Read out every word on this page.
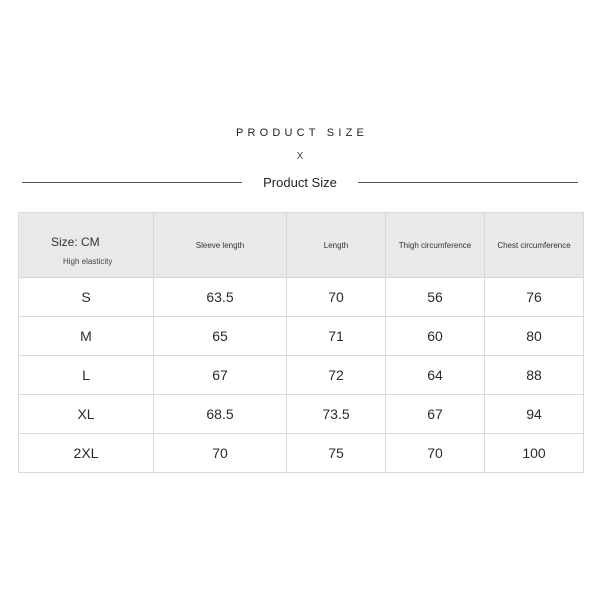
PRODUCT SIZE
X
Product Size
Size: CM
High elasticity	Sleeve length	Length	Thigh circumference	Chest circumference
S	63.5	70	56	76
M	65	71	60	80
L	67	72	64	88
XL	68.5	73.5	67	94
2XL	70	75	70	100
